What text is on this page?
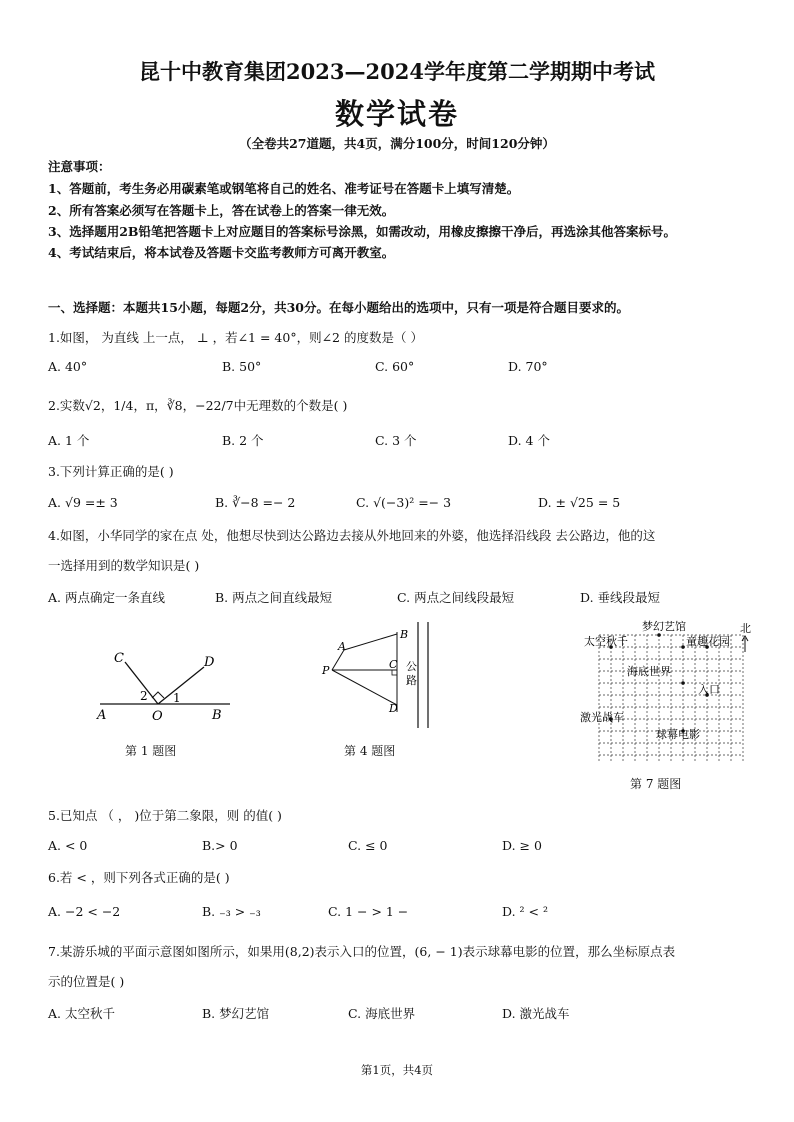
昆十中教育集团2023—2024学年度第二学期期中考试
数学试卷
（全卷共27道题，共4页，满分100分，时间120分钟）
注意事项：
1、答题前，考生务必用碳素笔或钢笔将自己的姓名、准考证号在答题卡上填写清楚。
2、所有答案必须写在答题卡上，答在试卷上的答案一律无效。
3、选择题用2B铅笔把答题卡上对应题目的答案标号涂黑，如需改动，用橡皮擦擦干净后，再选涂其他答案标号。
4、考试结束后，将本试卷及答题卡交监考教师方可离开教室。
一、选择题：本题共15小题，每题2分，共30分。在每小题给出的选项中，只有一项是符合题目要求的。
1.如图， 为直线 上一点， ⊥ ，若∠1 = 40°，则∠2 的度数是（ ）
A. 40°	B. 50°	C. 60°	D. 70°
2.实数√2，1/4，π，∛8，−22/7中无理数的个数是( )
A. 1 个	B. 2 个	C. 3 个	D. 4 个
3.下列计算正确的是( )
A. √9 =± 3	B. ∛−8 =− 2	C. √(−3)² =− 3	D. ± √25 = 5
4.如图，小华同学的家在点 处，他想尽快到达公路边去接从外地回来的外婆，他选择沿线段 去公路边，他的这
一选择用到的数学知识是( )
A. 两点确定一条直线	B. 两点之间直线最短	C. 两点之间线段最短	D. 垂线段最短
C	D
2 1
A	O	B
第 1 题图
A
B
P	C
D
公
路
第 4 题图
梦幻艺馆
太空秋千	童趣花园
北
海底世界
入口
激光战车
球幕电影
第 7 题图
5.已知点 （ ， )位于第二象限，则 的值( )
A. < 0	B.> 0	C. ≤ 0	D. ≥ 0
6.若 < ，则下列各式正确的是( )
A. −2 < −2	B. ₋₃ > ₋₃	C. 1 − > 1 −	D. ² < ²
7.某游乐城的平面示意图如图所示，如果用(8,2)表示入口的位置，(6, − 1)表示球幕电影的位置，那么坐标原点表
示的位置是( )
A. 太空秋千	B. 梦幻艺馆	C. 海底世界	D. 激光战车
第1页，共4页
